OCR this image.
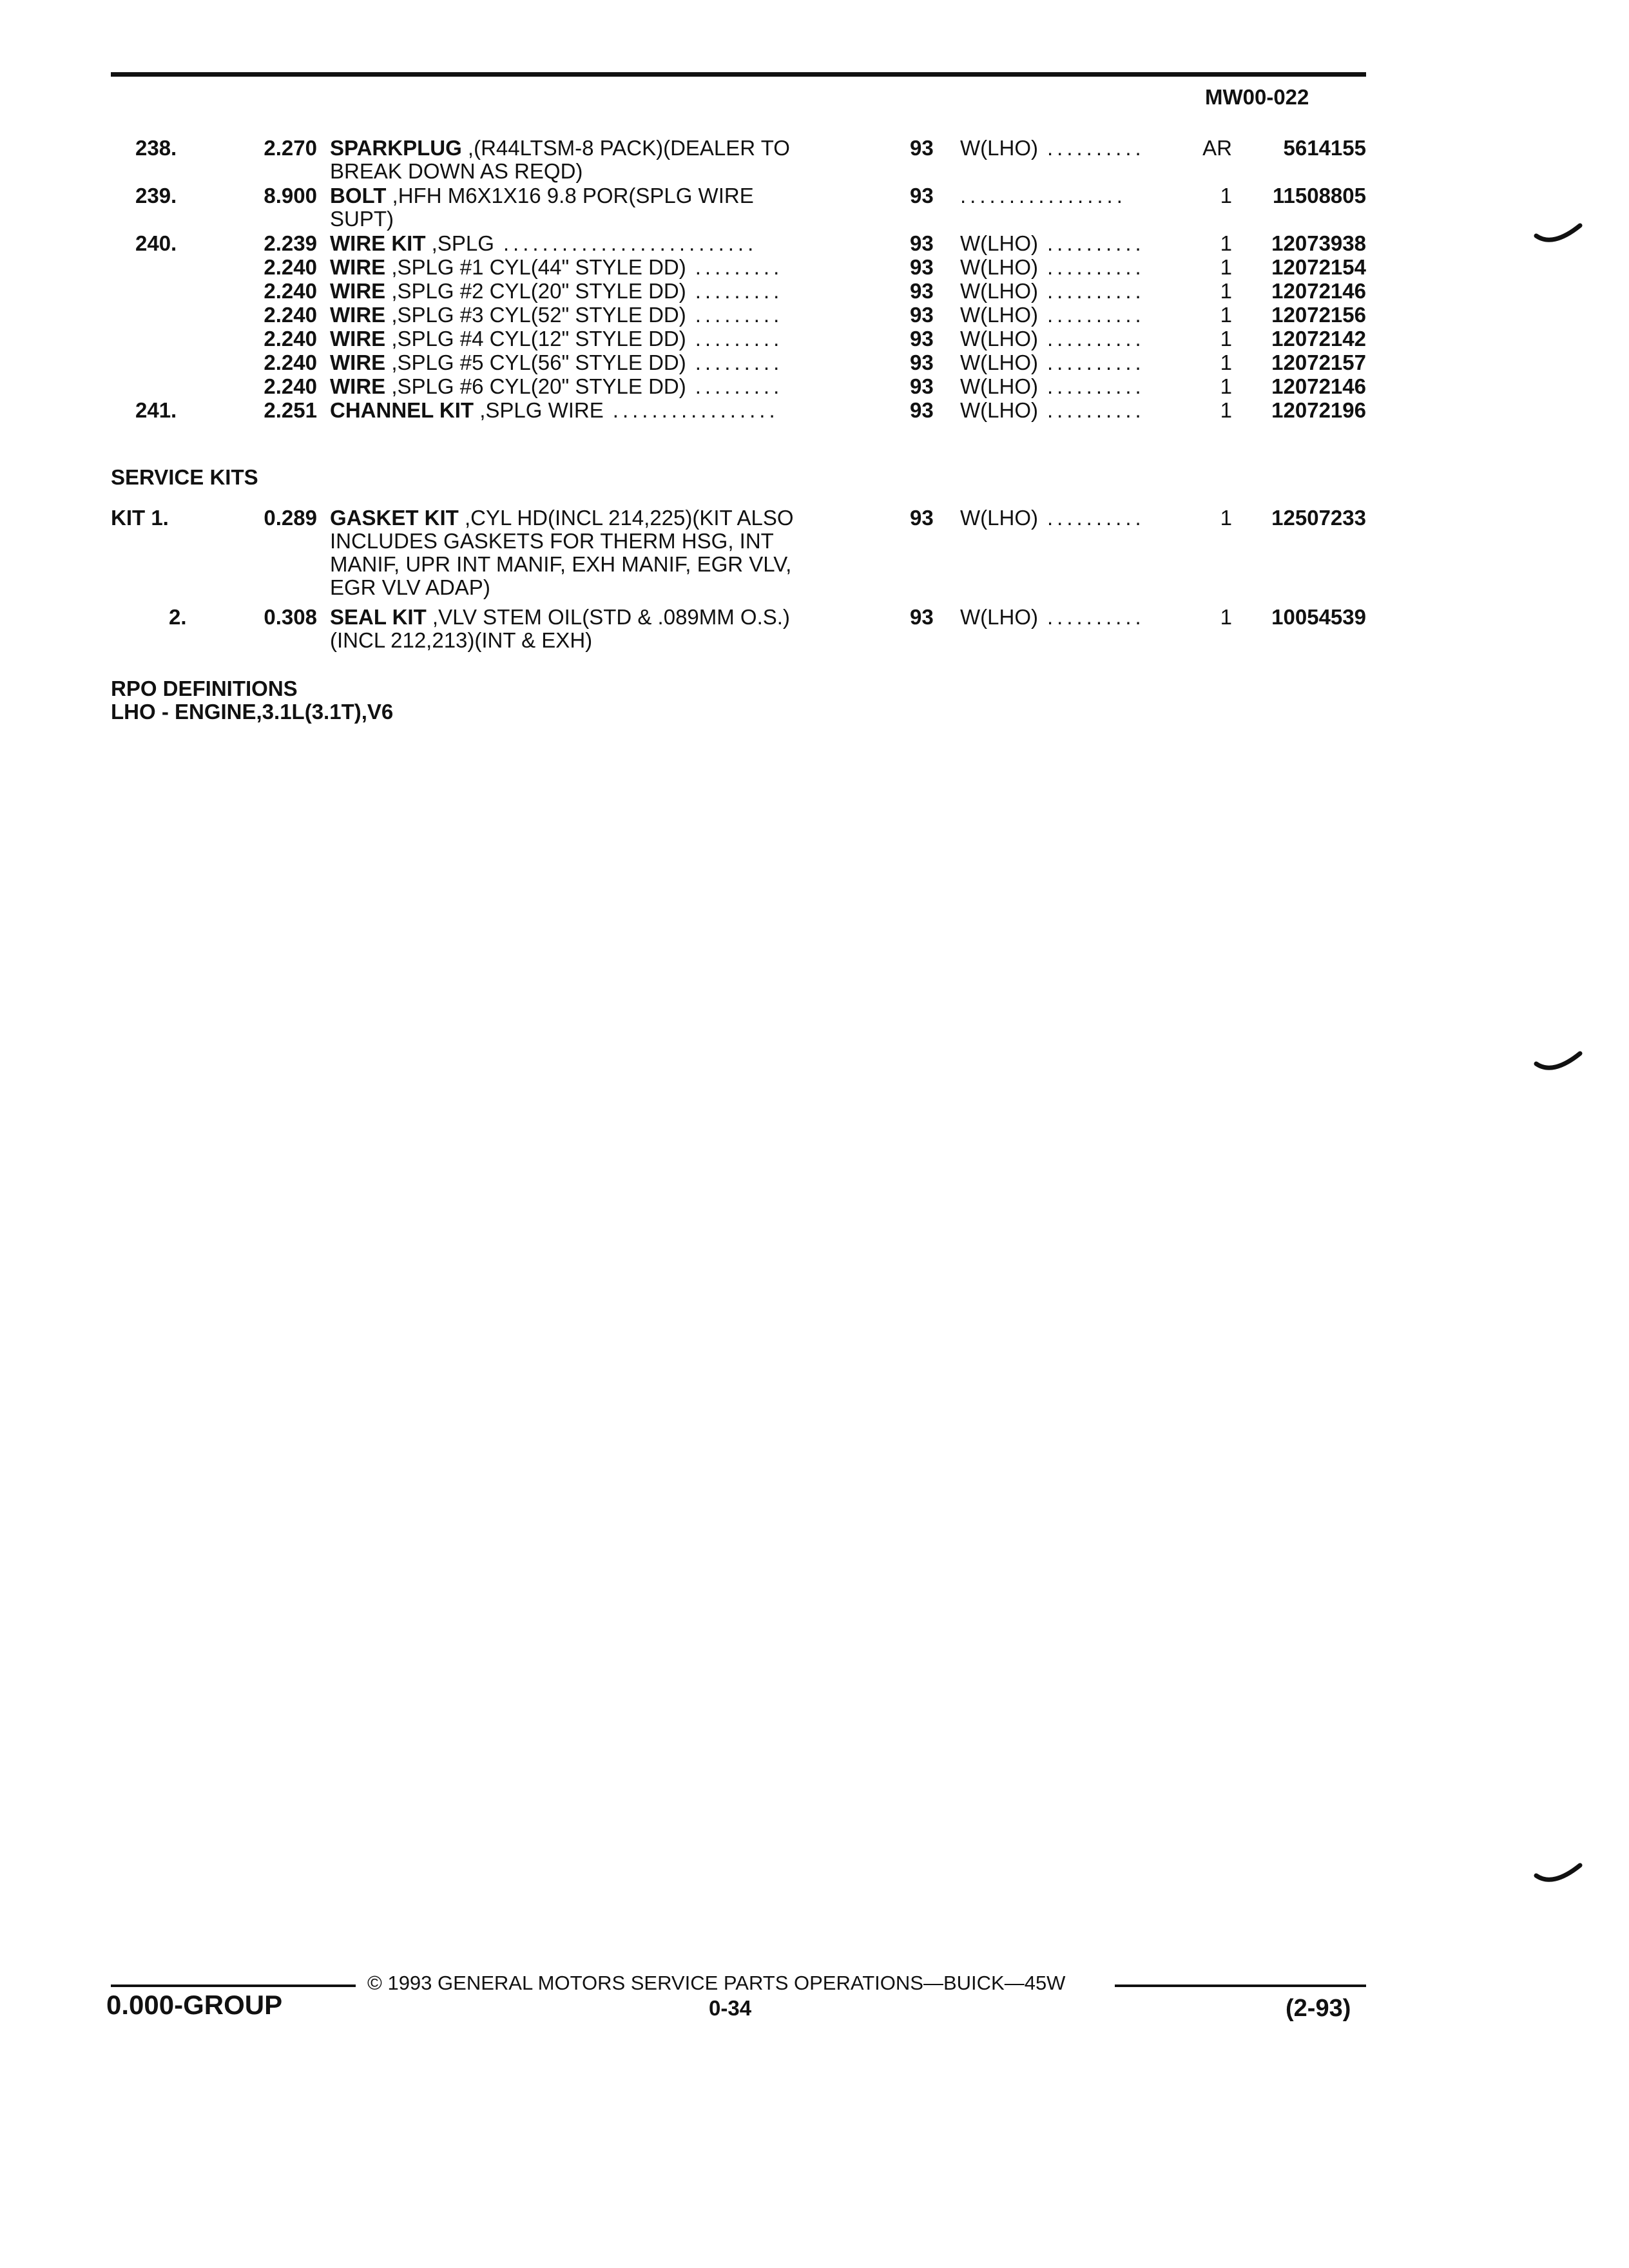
MW00-022
238.	2.270 SPARKPLUG ,(R44LTSM-8 PACK)(DEALER TO
BREAK DOWN AS REQD)
93	W(LHO) ..........	AR	5614155
239.	8.900 BOLT ,HFH M6X1X16 9.8 POR(SPLG WIRE
SUPT)
93	.................	1	11508805
240.	2.239 WIRE KIT ,SPLG ..........................	93	W(LHO) ..........	1	12073938
2.240 WIRE ,SPLG #1 CYL(44" STYLE DD) .........	93	W(LHO) ..........	1	12072154
2.240 WIRE ,SPLG #2 CYL(20" STYLE DD) .........	93	W(LHO) ..........	1	12072146
2.240 WIRE ,SPLG #3 CYL(52" STYLE DD) .........	93	W(LHO) ..........	1	12072156
2.240 WIRE ,SPLG #4 CYL(12" STYLE DD) .........	93	W(LHO) ..........	1	12072142
2.240 WIRE ,SPLG #5 CYL(56" STYLE DD) .........	93	W(LHO) ..........	1	12072157
2.240 WIRE ,SPLG #6 CYL(20" STYLE DD) .........	93	W(LHO) ..........	1	12072146
241.	2.251 CHANNEL KIT ,SPLG WIRE .................	93	W(LHO) ..........	1	12072196
SERVICE KITS
KIT 1.	0.289 GASKET KIT ,CYL HD(INCL 214,225)(KIT ALSO
INCLUDES GASKETS FOR THERM HSG, INT
MANIF, UPR INT MANIF, EXH MANIF, EGR VLV,
EGR VLV ADAP)
93	W(LHO) ..........	1	12507233
2.	0.308 SEAL KIT ,VLV STEM OIL(STD & .089MM O.S.)
(INCL 212,213)(INT & EXH)
93	W(LHO) ..........	1	10054539
RPO DEFINITIONS
LHO - ENGINE,3.1L(3.1T),V6
© 1993 GENERAL MOTORS SERVICE PARTS OPERATIONS—BUICK—45W
0.000-GROUP	0-34	(2-93)
